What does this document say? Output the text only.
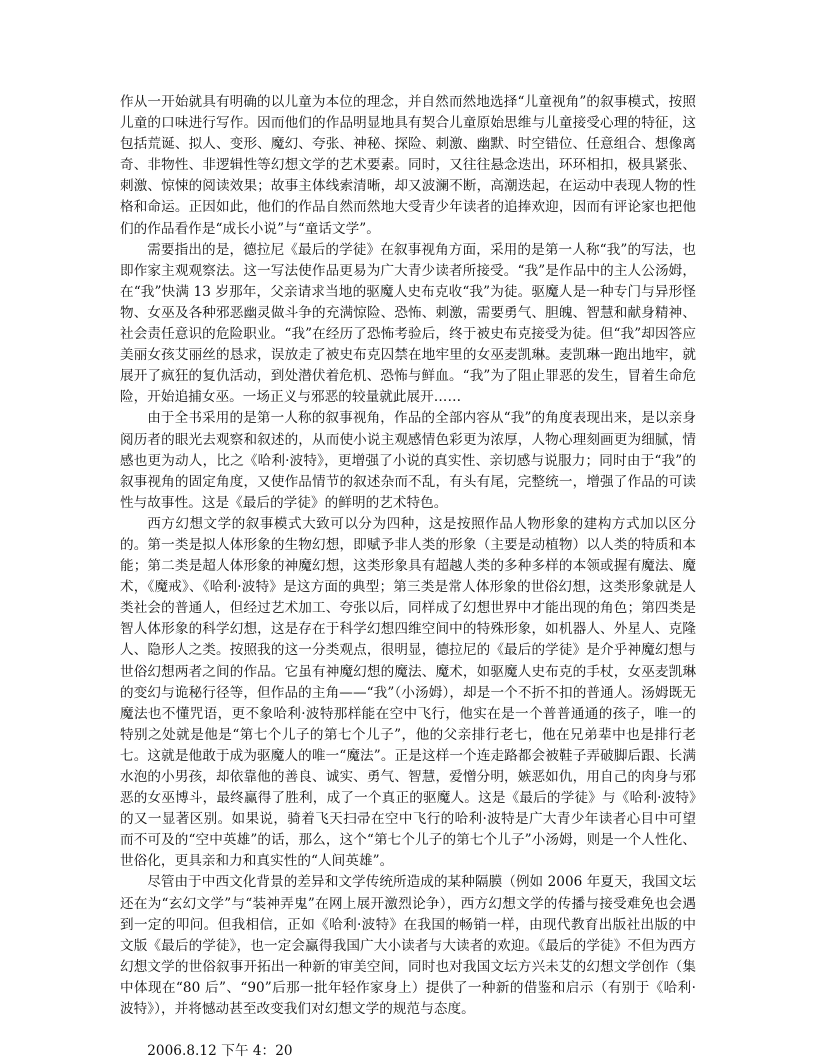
作从一开始就具有明确的以儿童为本位的理念，并自然而然地选择“儿童视角”的叙事模式，按照儿童的口味进行写作。因而他们的作品明显地具有契合儿童原始思维与儿童接受心理的特征，这包括荒诞、拟人、变形、魔幻、夸张、神秘、探险、刺激、幽默、时空错位、任意组合、想像离奇、非物性、非逻辑性等幻想文学的艺术要素。同时，又往往悬念迭出，环环相扣，极具紧张、刺激、惊悚的阅读效果；故事主体线索清晰，却又波澜不断，高潮迭起，在运动中表现人物的性格和命运。正因如此，他们的作品自然而然地大受青少年读者的追捧欢迎，因而有评论家也把他们的作品看作是“成长小说”与“童话文学”。

需要指出的是，德拉尼《最后的学徒》在叙事视角方面，采用的是第一人称“我”的写法，也即作家主观观察法。这一写法使作品更易为广大青少读者所接受。“我”是作品中的主人公汤姆，在“我”快满 13 岁那年，父亲请求当地的驱魔人史布克收“我”为徒。驱魔人是一种专门与异形怪物、女巫及各种邪恶幽灵做斗争的充满惊险、恐怖、刺激，需要勇气、胆魄、智慧和献身精神、社会责任意识的危险职业。“我”在经历了恐怖考验后，终于被史布克接受为徒。但“我”却因答应美丽女孩艾丽丝的恳求，误放走了被史布克囚禁在地牢里的女巫麦凯琳。麦凯琳一跑出地牢，就展开了疯狂的复仇活动，到处潜伏着危机、恐怖与鲜血。“我”为了阻止罪恶的发生，冒着生命危险，开始追捕女巫。一场正义与邪恶的较量就此展开……

由于全书采用的是第一人称的叙事视角，作品的全部内容从“我”的角度表现出来，是以亲身阅历者的眼光去观察和叙述的，从而使小说主观感情色彩更为浓厚，人物心理刻画更为细腻，情感也更为动人，比之《哈利·波特》，更增强了小说的真实性、亲切感与说服力；同时由于“我”的叙事视角的固定角度，又使作品情节的叙述杂而不乱，有头有尾，完整统一，增强了作品的可读性与故事性。这是《最后的学徒》的鲜明的艺术特色。

西方幻想文学的叙事模式大致可以分为四种，这是按照作品人物形象的建构方式加以区分的。第一类是拟人体形象的生物幻想，即赋予非人类的形象（主要是动植物）以人类的特质和本能；第二类是超人体形象的神魔幻想，这类形象具有超越人类的多种多样的本领或握有魔法、魔术，《魔戒》、《哈利·波特》是这方面的典型；第三类是常人体形象的世俗幻想，这类形象就是人类社会的普通人，但经过艺术加工、夸张以后，同样成了幻想世界中才能出现的角色；第四类是智人体形象的科学幻想，这是存在于科学幻想四维空间中的特殊形象，如机器人、外星人、克隆人、隐形人之类。按照我的这一分类观点，很明显，德拉尼的《最后的学徒》是介乎神魔幻想与世俗幻想两者之间的作品。它虽有神魔幻想的魔法、魔术，如驱魔人史布克的手杖，女巫麦凯琳的变幻与诡秘行径等，但作品的主角——“我”（小汤姆），却是一个不折不扣的普通人。汤姆既无魔法也不懂咒语，更不象哈利·波特那样能在空中飞行，他实在是一个普普通通的孩子，唯一的特别之处就是他是“第七个儿子的第七个儿子”，他的父亲排行老七，他在兄弟辈中也是排行老七。这就是他敢于成为驱魔人的唯一“魔法”。正是这样一个连走路都会被鞋子弄破脚后跟、长满水泡的小男孩，却依靠他的善良、诚实、勇气、智慧，爱憎分明，嫉恶如仇，用自己的肉身与邪恶的女巫博斗，最终赢得了胜利，成了一个真正的驱魔人。这是《最后的学徒》与《哈利·波特》的又一显著区别。如果说，骑着飞天扫帚在空中飞行的哈利·波特是广大青少年读者心目中可望而不可及的“空中英雄”的话，那么，这个“第七个儿子的第七个儿子”小汤姆，则是一个人性化、世俗化，更具亲和力和真实性的“人间英雄”。

尽管由于中西文化背景的差异和文学传统所造成的某种隔膜（例如 2006 年夏天，我国文坛还在为“玄幻文学”与“装神弄鬼”在网上展开激烈论争），西方幻想文学的传播与接受难免也会遇到一定的叩问。但我相信，正如《哈利·波特》在我国的畅销一样，由现代教育出版社出版的中文版《最后的学徒》，也一定会赢得我国广大小读者与大读者的欢迎。《最后的学徒》不但为西方幻想文学的世俗叙事开拓出一种新的审美空间，同时也对我国文坛方兴未艾的幻想文学创作（集中体现在“80 后”、“90”后那一批年轻作家身上）提供了一种新的借鉴和启示（有别于《哈利·波特》），并将憾动甚至改变我们对幻想文学的规范与态度。

2006.8.12 下午 4：20
